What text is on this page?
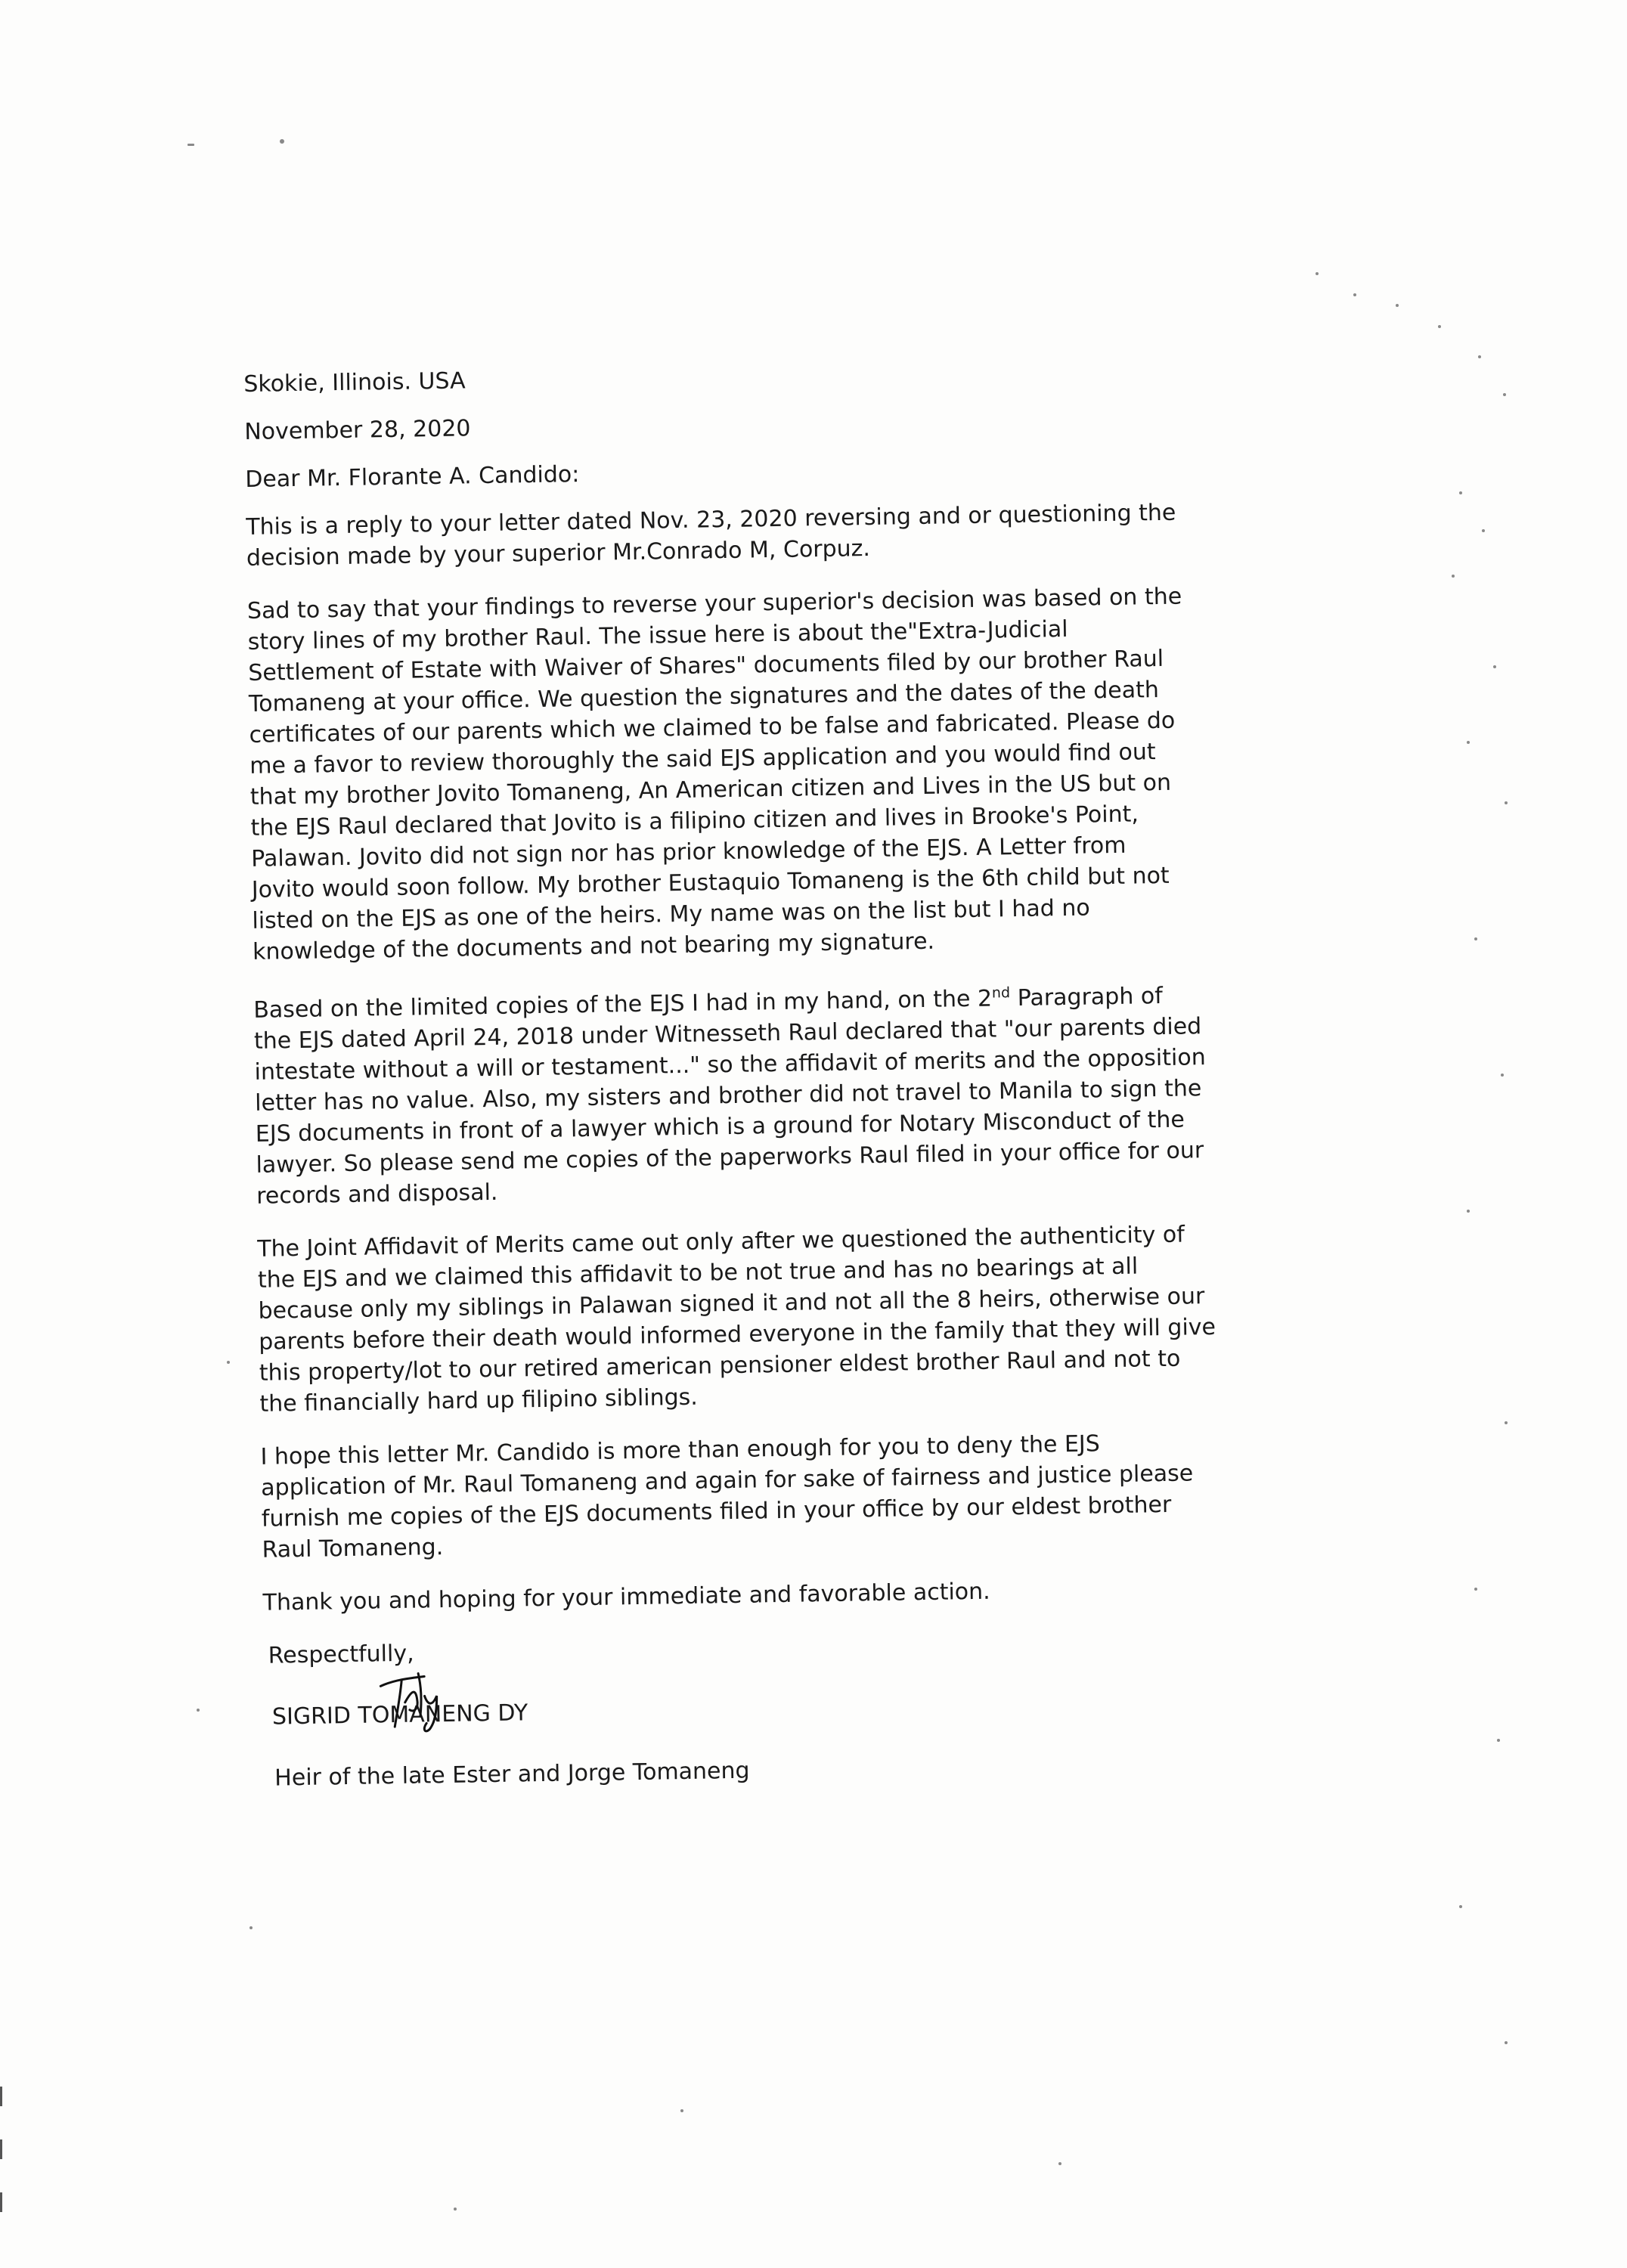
Skokie, Illinois. USA

November 28, 2020

Dear Mr. Florante A. Candido:

This is a reply to your letter dated Nov. 23, 2020 reversing and or questioning the

decision made by your superior Mr.Conrado M, Corpuz.

Sad to say that your findings to reverse your superior's decision was based on the

story lines of my brother Raul. The issue here is about the"Extra-Judicial

Settlement of Estate with Waiver of Shares" documents filed by our brother Raul

Tomaneng at your office. We question the signatures and the dates of the death

certificates of our parents which we claimed to be false and fabricated. Please do

me a favor to review thoroughly the said EJS application and you would find out

that my brother Jovito Tomaneng, An American citizen and Lives in the US but on

the EJS Raul declared that Jovito is a filipino citizen and lives in Brooke's Point,

Palawan. Jovito did not sign nor has prior knowledge of the EJS. A Letter from

Jovito would soon follow. My brother Eustaquio Tomaneng is the 6th child but not

listed on the EJS as one of the heirs. My name was on the list but I had no

knowledge of the documents and not bearing my signature.

Based on the limited copies of the EJS I had in my hand, on the 2nd Paragraph of

the EJS dated April 24, 2018 under Witnesseth Raul declared that "our parents died

intestate without a will or testament..." so the affidavit of merits and the opposition

letter has no value. Also, my sisters and brother did not travel to Manila to sign the

EJS documents in front of a lawyer which is a ground for Notary Misconduct of the

lawyer. So please send me copies of the paperworks Raul filed in your office for our

records and disposal.

The Joint Affidavit of Merits came out only after we questioned the authenticity of

the EJS and we claimed this affidavit to be not true and has no bearings at all

because only my siblings in Palawan signed it and not all the 8 heirs, otherwise our

parents before their death would informed everyone in the family that they will give

this property/lot to our retired american pensioner eldest brother Raul and not to

the financially hard up filipino siblings.

I hope this letter Mr. Candido is more than enough for you to deny the EJS

application of Mr. Raul Tomaneng and again for sake of fairness and justice please

furnish me copies of the EJS documents filed in your office by our eldest brother

Raul Tomaneng.

Thank you and hoping for your immediate and favorable action.

Respectfully,

SIGRID TOMANENG DY

Heir of the late Ester and Jorge Tomaneng
